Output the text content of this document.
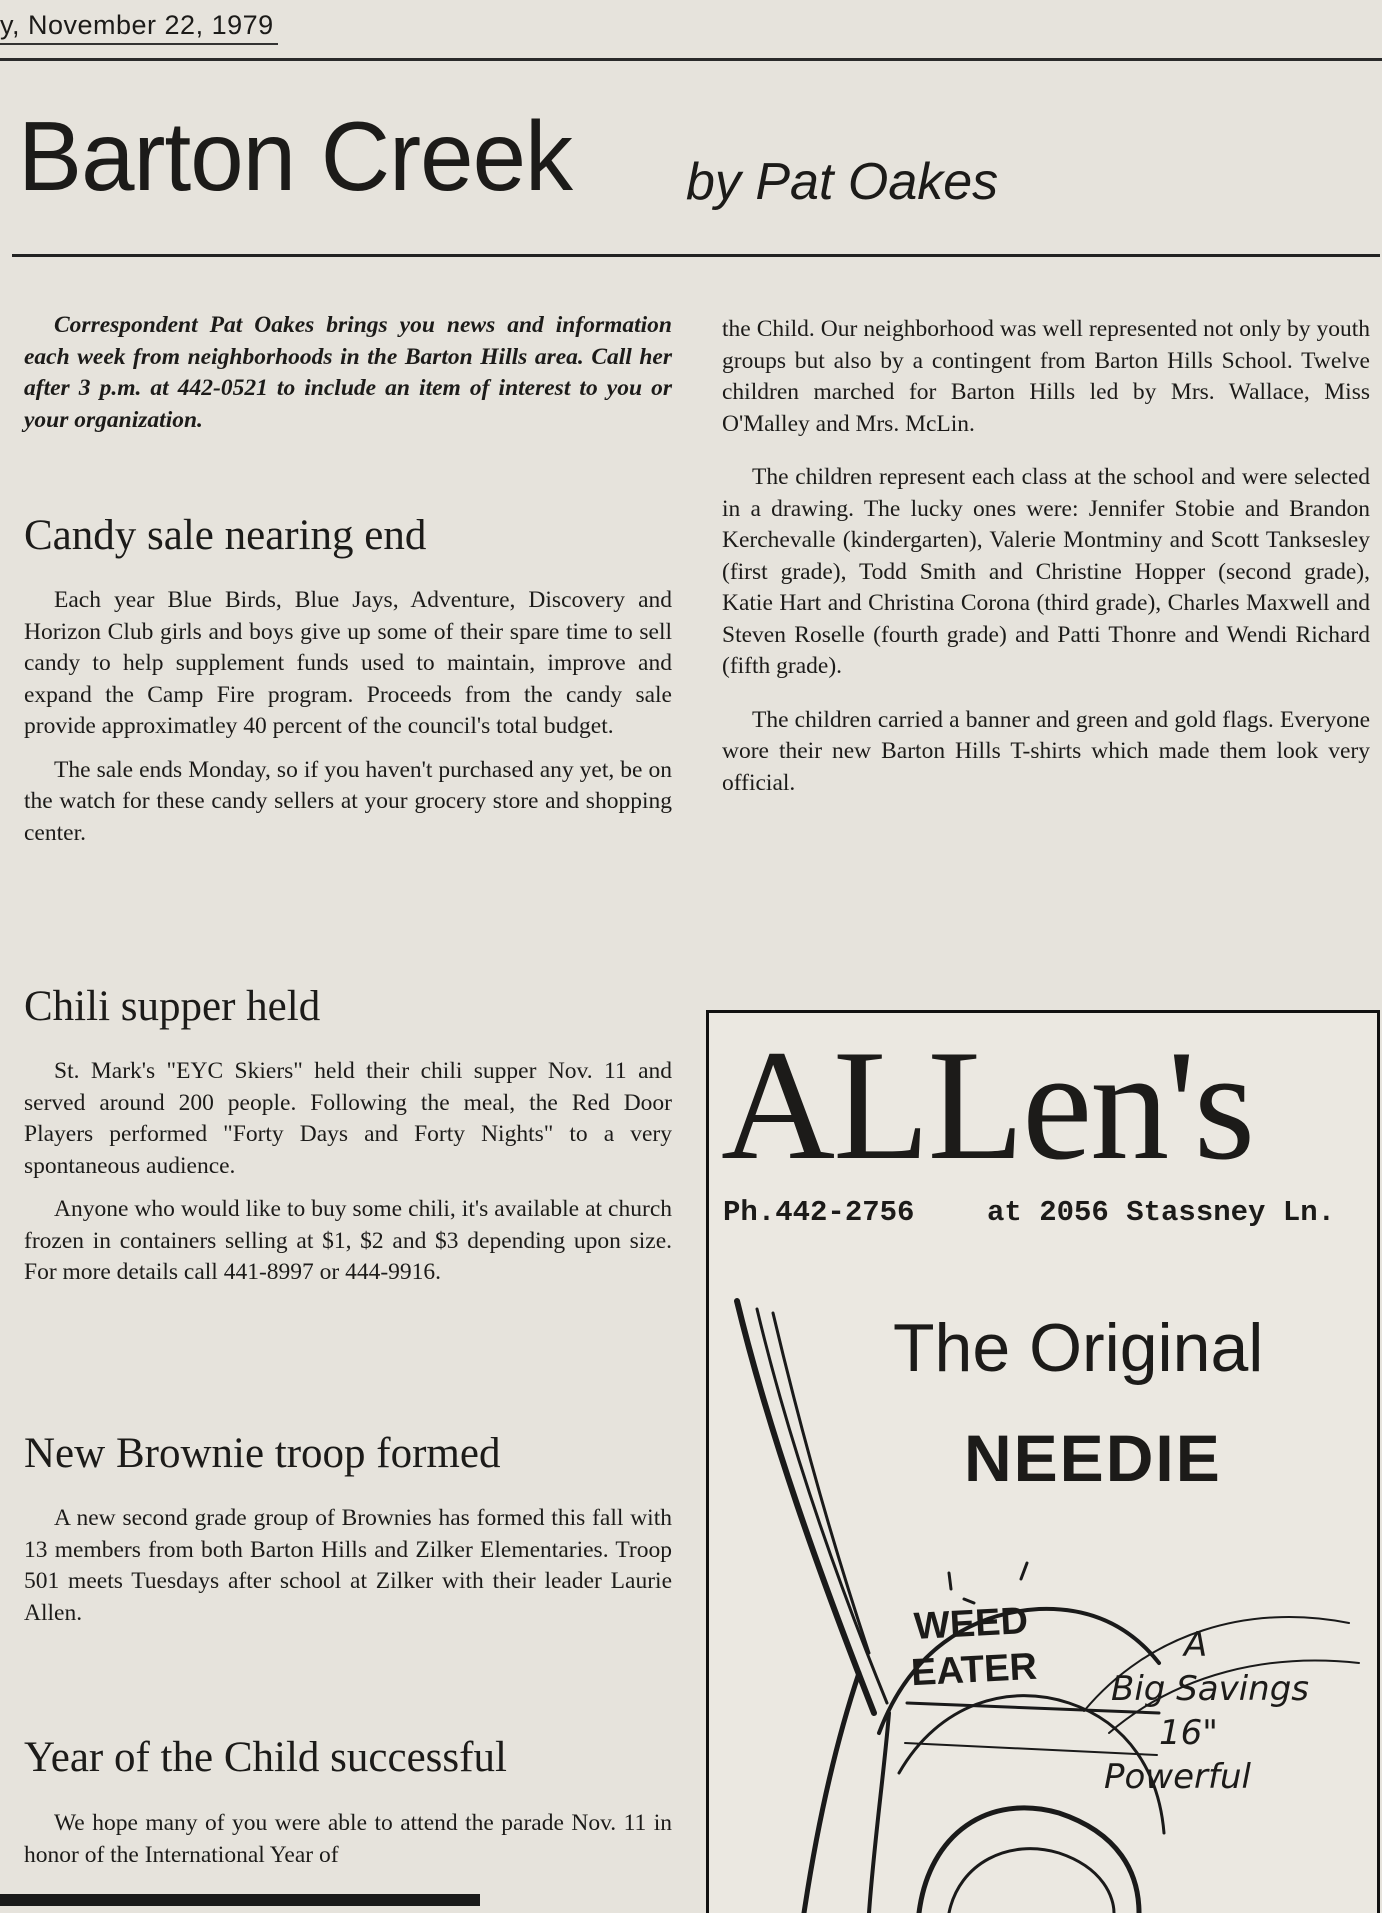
y, November 22, 1979
Barton Creek by Pat Oakes

Correspondent Pat Oakes brings you news and information each week from neighborhoods in the Barton Hills area. Call her after 3 p.m. at 442-0521 to include an item of interest to you or your organization.

Candy sale nearing end

Each year Blue Birds, Blue Jays, Adventure, Discovery and Horizon Club girls and boys give up some of their spare time to sell candy to help supplement funds used to maintain, improve and expand the Camp Fire program. Proceeds from the candy sale provide approximatley 40 percent of the council's total budget.

The sale ends Monday, so if you haven't purchased any yet, be on the watch for these candy sellers at your grocery store and shopping center.

Chili supper held

St. Mark's "EYC Skiers" held their chili supper Nov. 11 and served around 200 people. Following the meal, the Red Door Players performed "Forty Days and Forty Nights" to a very spontaneous audience.

Anyone who would like to buy some chili, it's available at church frozen in containers selling at $1, $2 and $3 depending upon size. For more details call 441-8997 or 444-9916.

New Brownie troop formed

A new second grade group of Brownies has formed this fall with 13 members from both Barton Hills and Zilker Elementaries. Troop 501 meets Tuesdays after school at Zilker with their leader Laurie Allen.

Year of the Child successful

We hope many of you were able to attend the parade Nov. 11 in honor of the International Year of

the Child. Our neighborhood was well represented not only by youth groups but also by a contingent from Barton Hills School. Twelve children marched for Barton Hills led by Mrs. Wallace, Miss O'Malley and Mrs. McLin.

The children represent each class at the school and were selected in a drawing. The lucky ones were: Jennifer Stobie and Brandon Kerchevalle (kindergarten), Valerie Montminy and Scott Tanksesley (first grade), Todd Smith and Christine Hopper (second grade), Katie Hart and Christina Corona (third grade), Charles Maxwell and Steven Roselle (fourth grade) and Patti Thonre and Wendi Richard (fifth grade).

The children carried a banner and green and gold flags. Everyone wore their new Barton Hills T-shirts which made them look very official.

ALLen's
Ph.442-2756	at 2056 Stassney Ln.
The Original
NEEDIE
WEED
EATER
A
Big Savings
16"
Powerful
